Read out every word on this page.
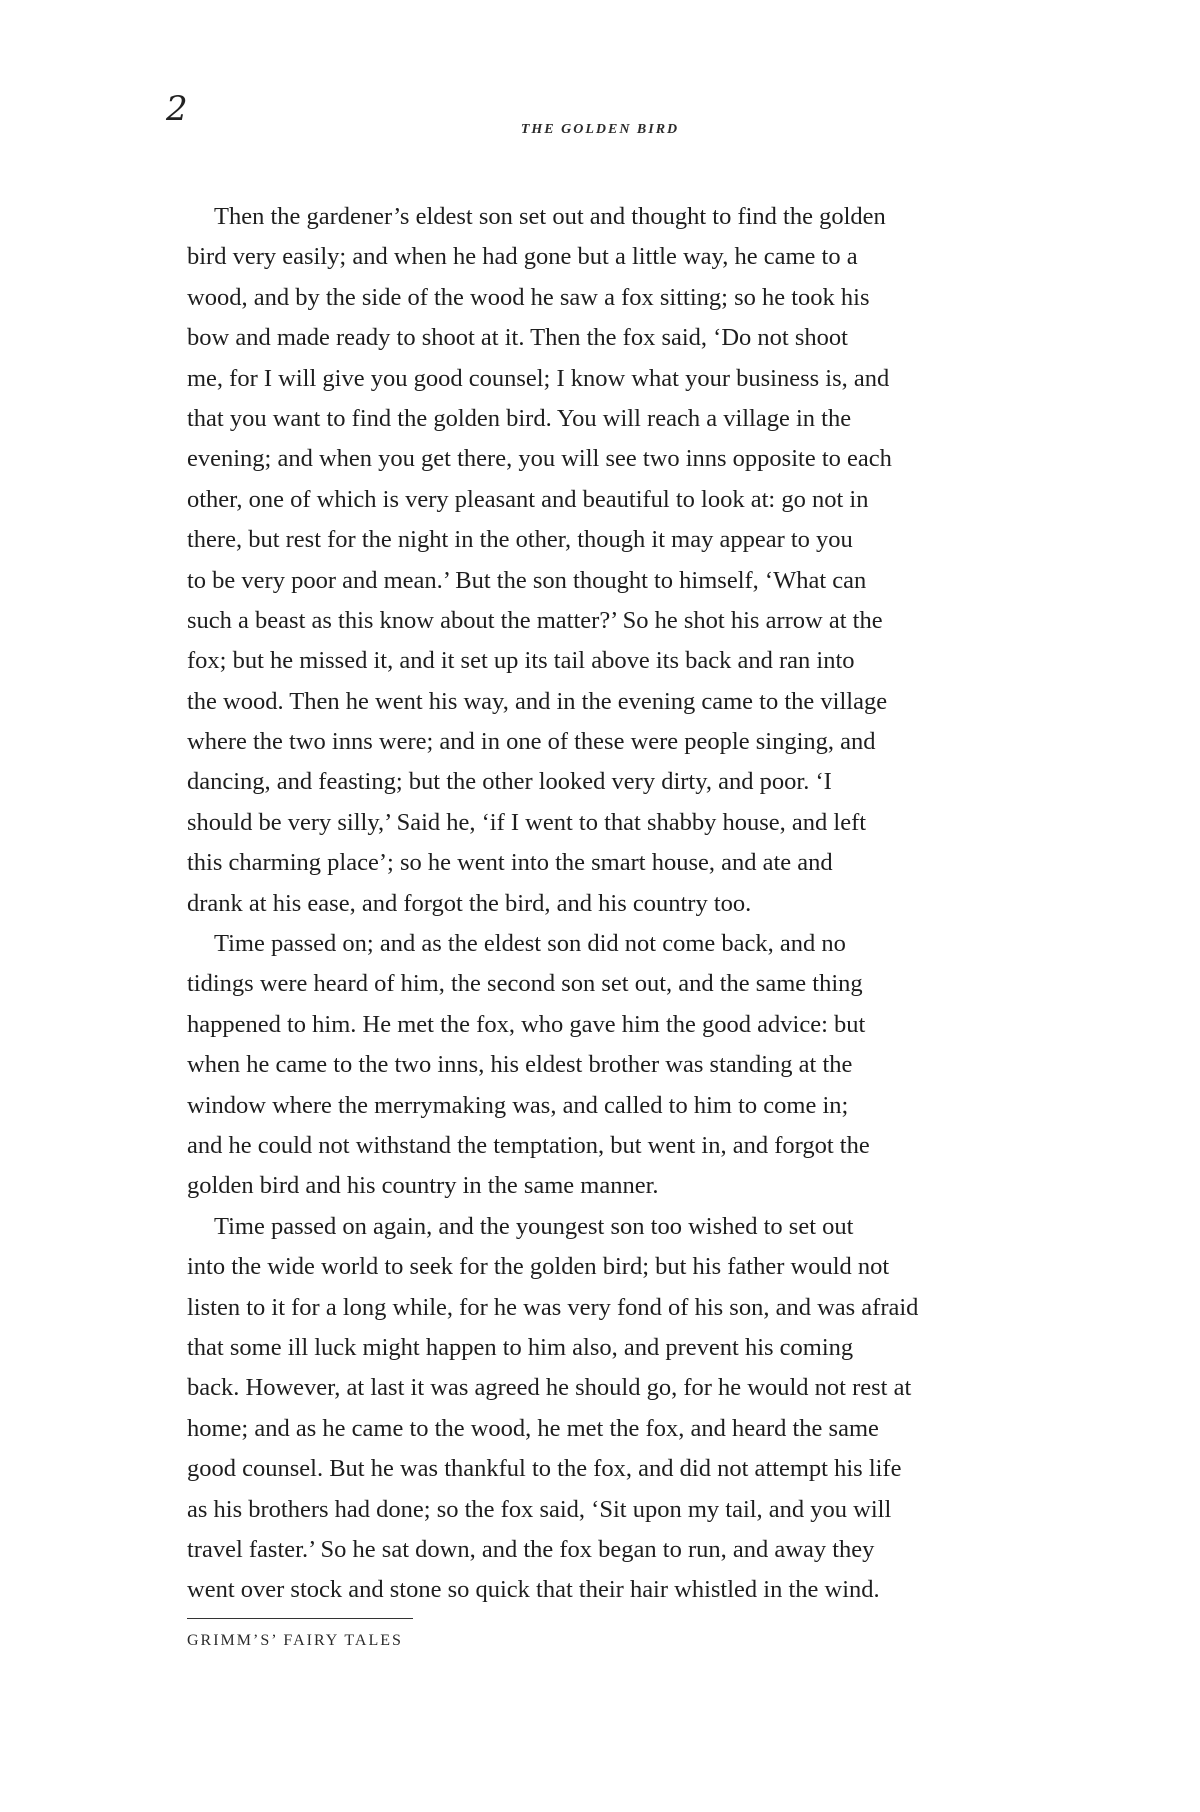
2
THE GOLDEN BIRD
Then the gardener’s eldest son set out and thought to find the golden
bird very easily; and when he had gone but a little way, he came to a
wood, and by the side of the wood he saw a fox sitting; so he took his
bow and made ready to shoot at it. Then the fox said, ‘Do not shoot
me, for I will give you good counsel; I know what your business is, and
that you want to find the golden bird. You will reach a village in the
evening; and when you get there, you will see two inns opposite to each
other, one of which is very pleasant and beautiful to look at: go not in
there, but rest for the night in the other, though it may appear to you
to be very poor and mean.’ But the son thought to himself, ‘What can
such a beast as this know about the matter?’ So he shot his arrow at the
fox; but he missed it, and it set up its tail above its back and ran into
the wood. Then he went his way, and in the evening came to the village
where the two inns were; and in one of these were people singing, and
dancing, and feasting; but the other looked very dirty, and poor. ‘I
should be very silly,’ Said he, ‘if I went to that shabby house, and left
this charming place’; so he went into the smart house, and ate and
drank at his ease, and forgot the bird, and his country too.
Time passed on; and as the eldest son did not come back, and no
tidings were heard of him, the second son set out, and the same thing
happened to him. He met the fox, who gave him the good advice: but
when he came to the two inns, his eldest brother was standing at the
window where the merrymaking was, and called to him to come in;
and he could not withstand the temptation, but went in, and forgot the
golden bird and his country in the same manner.
Time passed on again, and the youngest son too wished to set out
into the wide world to seek for the golden bird; but his father would not
listen to it for a long while, for he was very fond of his son, and was afraid
that some ill luck might happen to him also, and prevent his coming
back. However, at last it was agreed he should go, for he would not rest at
home; and as he came to the wood, he met the fox, and heard the same
good counsel. But he was thankful to the fox, and did not attempt his life
as his brothers had done; so the fox said, ‘Sit upon my tail, and you will
travel faster.’ So he sat down, and the fox began to run, and away they
went over stock and stone so quick that their hair whistled in the wind.
GRIMM’S’ FAIRY TALES
